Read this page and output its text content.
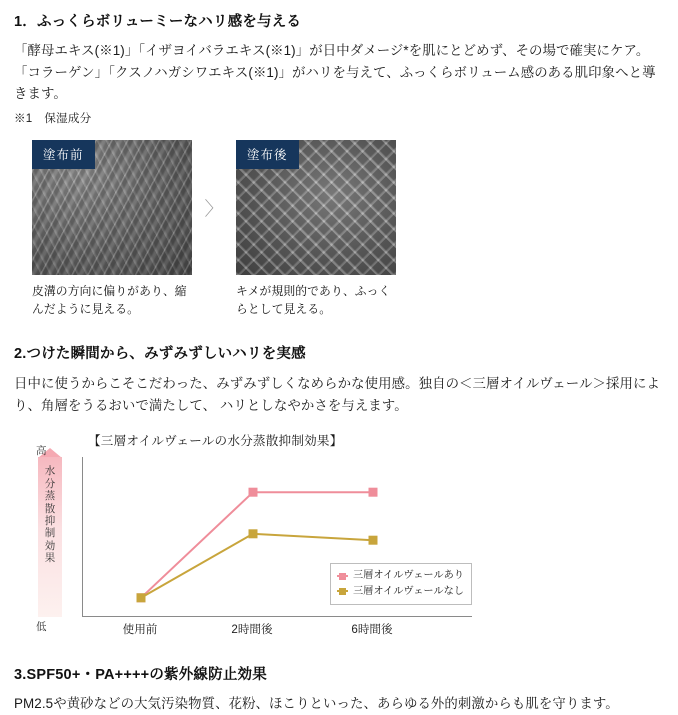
1．ふっくらボリューミーなハリ感を与える

「酵母エキス(※1)」「イザヨイバラエキス(※1)」が日中ダメージ*を肌にとどめず、その場で確実にケア。 「コラーゲン」「クスノハガシワエキス(※1)」がハリを与えて、ふっくらボリューム感のある肌印象へと導きます。

※1　保湿成分

塗布前
皮溝の方向に偏りがあり、縮んだように見える。
〉
塗布後
キメが規則的であり、ふっくらとして見える。
2.つけた瞬間から、みずみずしいハリを実感

日中に使うからこそこだわった、みずみずしくなめらかな使用感。独自の＜三層オイルヴェール＞採用により、角層をうるおいで満たして、 ハリとしなやかさを与えます。

【三層オイルヴェールの水分蒸散抑制効果】
高
低
水
分
蒸
散
抑
制
効
果
使用前	2時間後	6時間後
三層オイルヴェールあり
三層オイルヴェールなし
3.SPF50+・PA++++の紫外線防止効果

PM2.5や黄砂などの大気汚染物質、花粉、ほこりといった、あらゆる外的刺激からも肌を守ります。
